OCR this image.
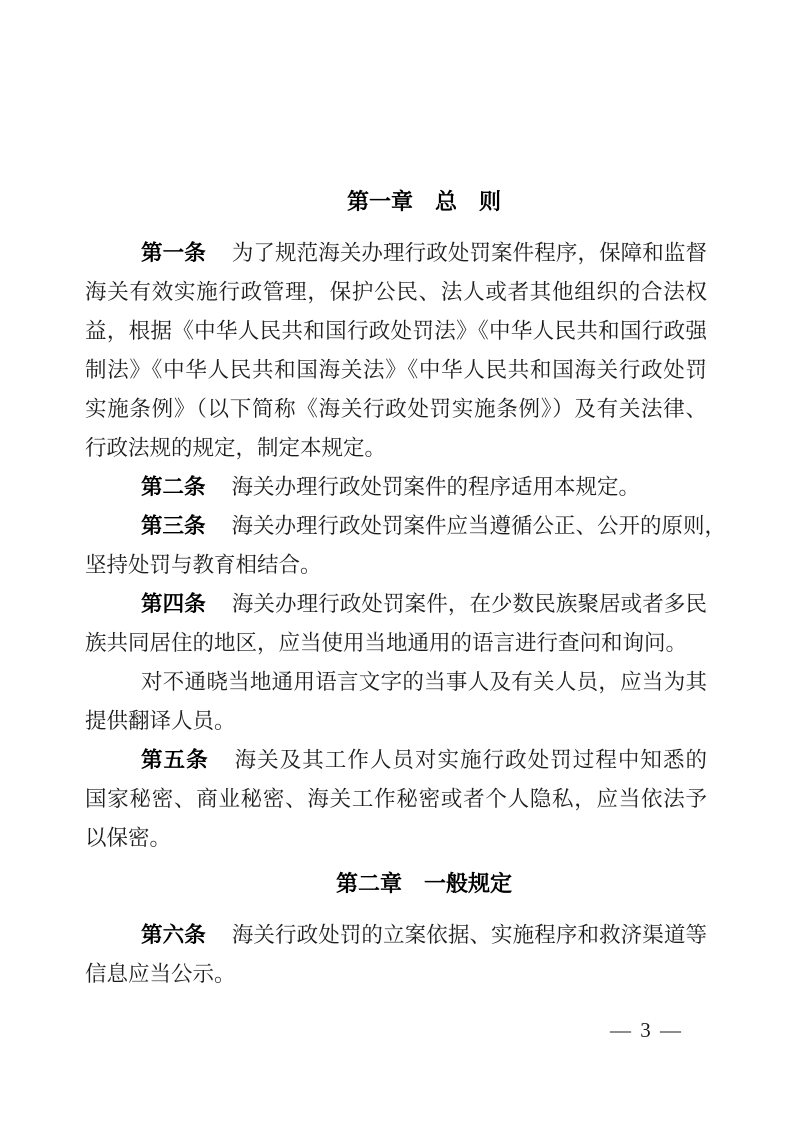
第一章　总　则
第一条 为了规范海关办理行政处罚案件程序，保障和监督
海关有效实施行政管理，保护公民、法人或者其他组织的合法权
益，根据《中华人民共和国行政处罚法》《中华人民共和国行政强
制法》《中华人民共和国海关法》《中华人民共和国海关行政处罚
实施条例》（以下简称《海关行政处罚实施条例》）及有关法律、
行政法规的规定，制定本规定。
第二条 海关办理行政处罚案件的程序适用本规定。
第三条 海关办理行政处罚案件应当遵循公正、公开的原则，
坚持处罚与教育相结合。
第四条 海关办理行政处罚案件，在少数民族聚居或者多民
族共同居住的地区，应当使用当地通用的语言进行查问和询问。
对不通晓当地通用语言文字的当事人及有关人员，应当为其
提供翻译人员。
第五条 海关及其工作人员对实施行政处罚过程中知悉的
国家秘密、商业秘密、海关工作秘密或者个人隐私，应当依法予
以保密。
第二章　一般规定
第六条 海关行政处罚的立案依据、实施程序和救济渠道等
信息应当公示。
— 3 —
